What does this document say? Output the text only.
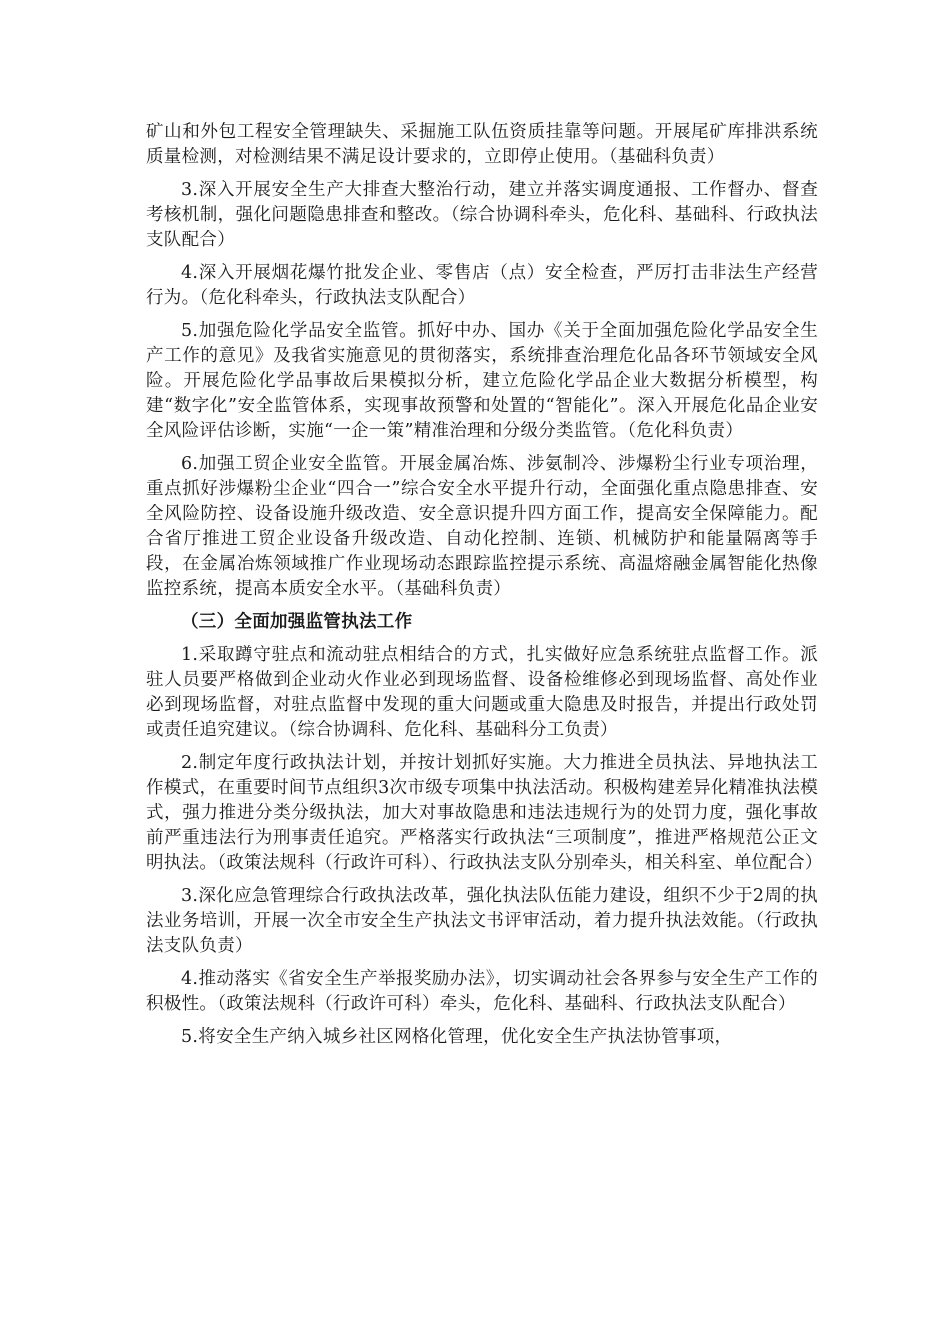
矿山和外包工程安全管理缺失、采掘施工队伍资质挂靠等问题。开展尾矿库排洪系统质量检测，对检测结果不满足设计要求的，立即停止使用。（基础科负责）

3.深入开展安全生产大排查大整治行动，建立并落实调度通报、工作督办、督查考核机制，强化问题隐患排查和整改。（综合协调科牵头，危化科、基础科、行政执法支队配合）

4.深入开展烟花爆竹批发企业、零售店（点）安全检查，严厉打击非法生产经营行为。（危化科牵头，行政执法支队配合）

5.加强危险化学品安全监管。抓好中办、国办《关于全面加强危险化学品安全生产工作的意见》及我省实施意见的贯彻落实，系统排查治理危化品各环节领域安全风险。开展危险化学品事故后果模拟分析，建立危险化学品企业大数据分析模型，构建“数字化”安全监管体系，实现事故预警和处置的“智能化”。深入开展危化品企业安全风险评估诊断，实施“一企一策”精准治理和分级分类监管。（危化科负责）

6.加强工贸企业安全监管。开展金属冶炼、涉氨制冷、涉爆粉尘行业专项治理，重点抓好涉爆粉尘企业“四合一”综合安全水平提升行动，全面强化重点隐患排查、安全风险防控、设备设施升级改造、安全意识提升四方面工作，提高安全保障能力。配合省厅推进工贸企业设备升级改造、自动化控制、连锁、机械防护和能量隔离等手段，在金属冶炼领域推广作业现场动态跟踪监控提示系统、高温熔融金属智能化热像监控系统，提高本质安全水平。（基础科负责）

（三）全面加强监管执法工作

1.采取蹲守驻点和流动驻点相结合的方式，扎实做好应急系统驻点监督工作。派驻人员要严格做到企业动火作业必到现场监督、设备检维修必到现场监督、高处作业必到现场监督，对驻点监督中发现的重大问题或重大隐患及时报告，并提出行政处罚或责任追究建议。（综合协调科、危化科、基础科分工负责）

2.制定年度行政执法计划，并按计划抓好实施。大力推进全员执法、异地执法工作模式，在重要时间节点组织3次市级专项集中执法活动。积极构建差异化精准执法模式，强力推进分类分级执法，加大对事故隐患和违法违规行为的处罚力度，强化事故前严重违法行为刑事责任追究。严格落实行政执法“三项制度”，推进严格规范公正文明执法。（政策法规科（行政许可科）、行政执法支队分别牵头，相关科室、单位配合）

3.深化应急管理综合行政执法改革，强化执法队伍能力建设，组织不少于2周的执法业务培训，开展一次全市安全生产执法文书评审活动，着力提升执法效能。（行政执法支队负责）

4.推动落实《省安全生产举报奖励办法》，切实调动社会各界参与安全生产工作的积极性。（政策法规科（行政许可科）牵头，危化科、基础科、行政执法支队配合）

5.将安全生产纳入城乡社区网格化管理，优化安全生产执法协管事项，
